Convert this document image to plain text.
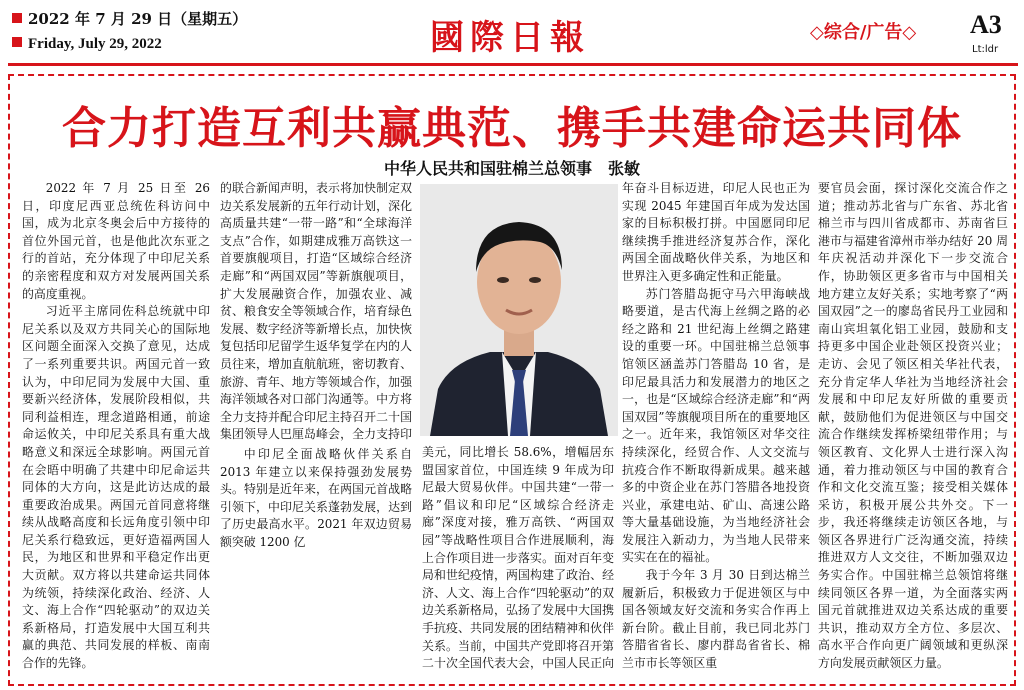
2022 年 7 月 29 日（星期五）
Friday, July 29, 2022	國際日報	◇综合/广告◇ A3
Lt:ldr
合力打造互利共赢典范、携手共建命运共同体
中华人民共和国驻棉兰总领事　张敏

2022 年 7 月 25 日至 26 日，印度尼西亚总统佐科访问中国，成为北京冬奥会后中方接待的首位外国元首，也是他此次东亚之行的首站，充分体现了中印尼关系的亲密程度和双方对发展两国关系的高度重视。

习近平主席同佐科总统就中印尼关系以及双方共同关心的国际地区问题全面深入交换了意见，达成了一系列重要共识。两国元首一致认为，中印尼同为发展中大国、重要新兴经济体，发展阶段相似，共同利益相连，理念道路相通，前途命运攸关，中印尼关系具有重大战略意义和深远全球影响。两国元首在会晤中明确了共建中印尼命运共同体的大方向，这是此访达成的最重要政治成果。两国元首同意将继续从战略高度和长远角度引领中印尼关系行稳致远，更好造福两国人民，为地区和世界和平稳定作出更大贡献。双方将以共建命运共同体为统领，持续深化政治、经济、人文、海上合作“四轮驱动”的双边关系新格局，打造发展中大国互利共赢的典范、共同发展的样板、南南合作的先锋。

的联合新闻声明，表示将加快制定双边关系发展新的五年行动计划，深化高质量共建“一带一路”和“全球海洋支点”合作，如期建成雅万高铁这一首要旗舰项目，打造“区域综合经济走廊”和“两国双园”等新旗舰项目，扩大发展融资合作，加强农业、减贫、粮食安全等领域合作，培育绿色发展、数字经济等新增长点，加快恢复包括印尼留学生返华复学在内的人员往来，增加直航航班，密切教育、旅游、青年、地方等领域合作，加强海洋领域各对口部门沟通等。中方将全力支持并配合印尼主持召开二十国集团领导人巴厘岛峰会，全力支持印

中印尼全面战略伙伴关系自 2013 年建立以来保持强劲发展势头。特别是近年来，在两国元首战略引领下，中印尼关系蓬勃发展，达到了历史最高水平。2021 年双边贸易额突破 1200 亿

美元，同比增长 58.6%，增幅居东盟国家首位，中国连续 9 年成为印尼最大贸易伙伴。中国共建“一带一路”倡议和印尼“区域综合经济走廊”深度对接，雅万高铁、“两国双园”等战略性项目合作进展顺利，海上合作项目进一步落实。面对百年变局和世纪疫情，两国构建了政治、经济、人文、海上合作“四轮驱动”的双边关系新格局，弘扬了发展中大国携手抗疫、共同发展的团结精神和伙伴关系。当前，中国共产党即将召开第二十次全国代表大会，中国人民正向

年奋斗目标迈进，印尼人民也正为实现 2045 年建国百年成为发达国家的目标积极打拼。中国愿同印尼继续携手推进经济复苏合作，深化两国全面战略伙伴关系，为地区和世界注入更多确定性和正能量。

苏门答腊岛扼守马六甲海峡战略要道，是古代海上丝绸之路的必经之路和 21 世纪海上丝绸之路建设的重要一环。中国驻棉兰总领事馆领区涵盖苏门答腊岛 10 省，是印尼最具活力和发展潜力的地区之一，也是“区域综合经济走廊”和“两国双园”等旗舰项目所在的重要地区之一。近年来，我馆领区对华交往持续深化，经贸合作、人文交流与抗疫合作不断取得新成果。越来越多的中资企业在苏门答腊各地投资兴业，承建电站、矿山、高速公路等大量基础设施，为当地经济社会发展注入新动力，为当地人民带来实实在在的福祉。

我于今年 3 月 30 日到达棉兰履新后，积极致力于促进领区与中国各领域友好交流和务实合作再上新台阶。截止目前，我已同北苏门答腊省省长、廖内群岛省省长、棉兰市市长等领区重

要官员会面，探讨深化交流合作之道；推动苏北省与广东省、苏北省棉兰市与四川省成都市、苏南省巨港市与福建省漳州市举办结好 20 周年庆祝活动并深化下一步交流合作，协助领区更多省市与中国相关地方建立友好关系；实地考察了“两国双园”之一的廖岛省民丹工业园和南山宾坦氧化铝工业园，鼓励和支持更多中国企业赴领区投资兴业；走访、会见了领区相关华社代表，充分肯定华人华社为当地经济社会发展和中印尼友好所做的重要贡献，鼓励他们为促进领区与中国交流合作继续发挥桥梁纽带作用；与领区教育、文化界人士进行深入沟通，着力推动领区与中国的教育合作和文化交流互鉴；接受相关媒体采访，积极开展公共外交。下一步，我还将继续走访领区各地，与领区各界进行广泛沟通交流，持续推进双方人文交往，不断加强双边务实合作。中国驻棉兰总领馆将继续同领区各界一道，为全面落实两国元首就推进双边关系达成的重要共识，推动双方全方位、多层次、高水平合作向更广阔领域和更纵深方向发展贡献领区力量。
